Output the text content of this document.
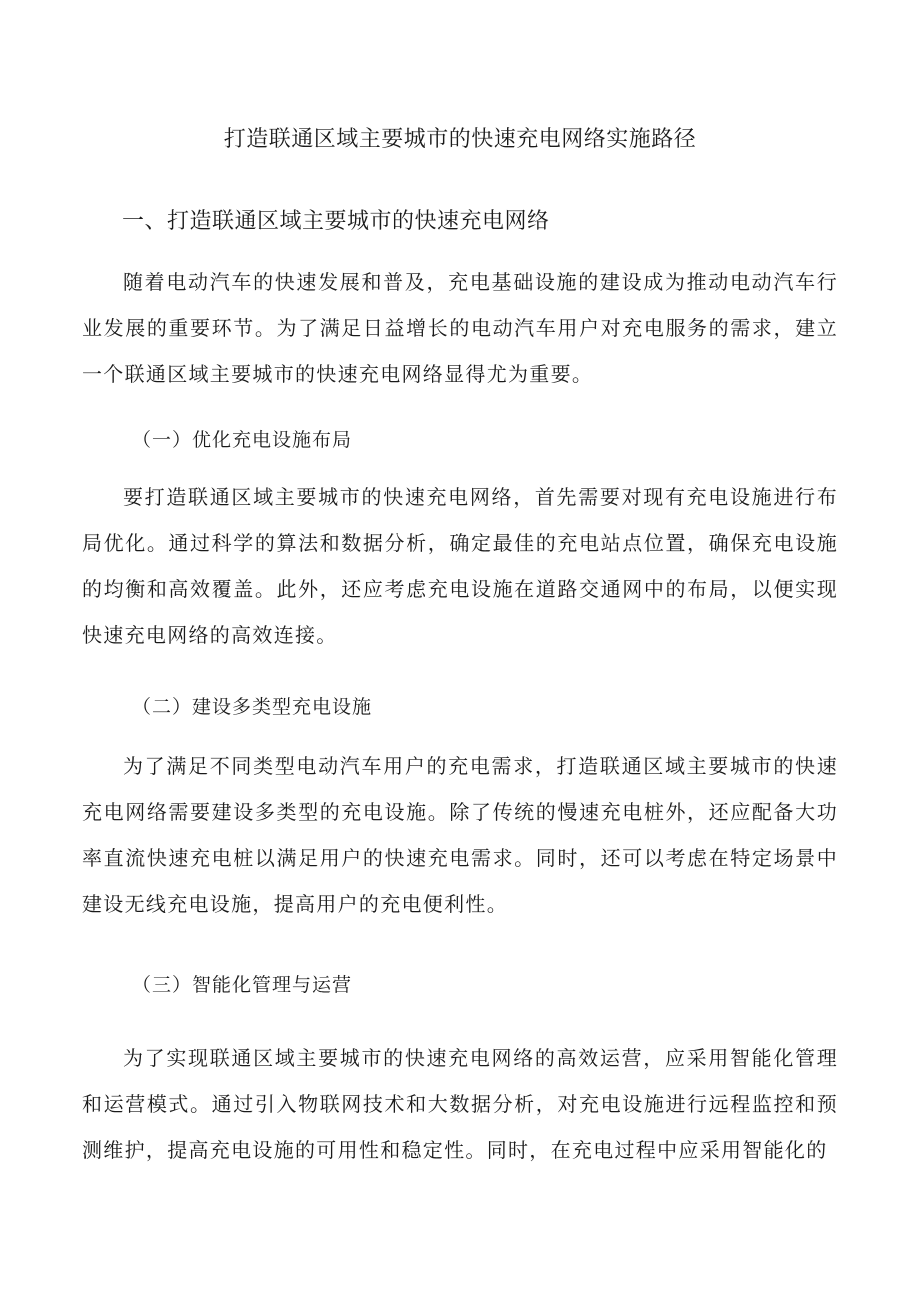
打造联通区域主要城市的快速充电网络实施路径
一、打造联通区域主要城市的快速充电网络

随着电动汽车的快速发展和普及，充电基础设施的建设成为推动电动汽车行业发展的重要环节。为了满足日益增长的电动汽车用户对充电服务的需求，建立一个联通区域主要城市的快速充电网络显得尤为重要。

（一）优化充电设施布局

要打造联通区域主要城市的快速充电网络，首先需要对现有充电设施进行布局优化。通过科学的算法和数据分析，确定最佳的充电站点位置，确保充电设施的均衡和高效覆盖。此外，还应考虑充电设施在道路交通网中的布局，以便实现快速充电网络的高效连接。

（二）建设多类型充电设施

为了满足不同类型电动汽车用户的充电需求，打造联通区域主要城市的快速充电网络需要建设多类型的充电设施。除了传统的慢速充电桩外，还应配备大功率直流快速充电桩以满足用户的快速充电需求。同时，还可以考虑在特定场景中建设无线充电设施，提高用户的充电便利性。

（三）智能化管理与运营

为了实现联通区域主要城市的快速充电网络的高效运营，应采用智能化管理和运营模式。通过引入物联网技术和大数据分析，对充电设施进行远程监控和预测维护，提高充电设施的可用性和稳定性。同时，在充电过程中应采用智能化的
